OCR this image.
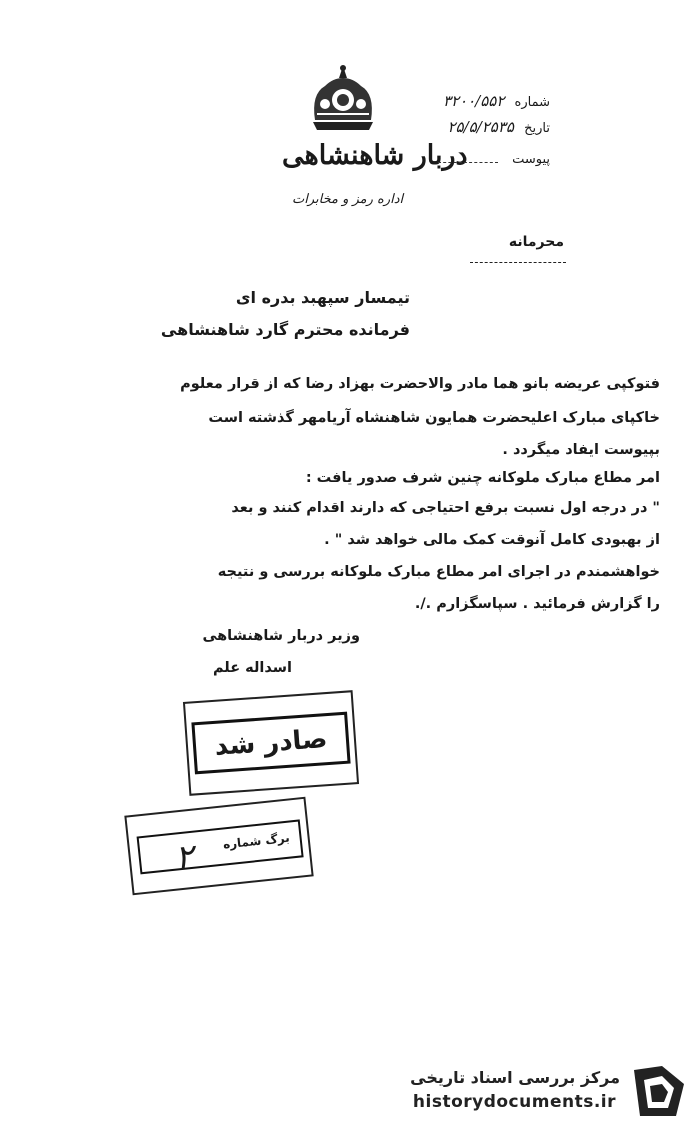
دربار شاهنشاهی
اداره رمز و مخابرات
شماره ۳۲۰۰/۵۵۲
تاریخ ۲۵/۵/۲۵۳۵
پیوست
محرمانه
تیمسار سپهبد بدره ای
فرمانده محترم گارد شاهنشاهی
فتوکپی عریضه بانو هما مادر والاحضرت بهزاد رضا که از قرار معلوم
خاکپای مبارک اعلیحضرت همایون شاهنشاه آریامهر گذشته است
بپیوست ایفاد میگردد .
امر مطاع مبارک ملوکانه چنین شرف صدور یافت :
" در درجه اول نسبت برفع احتیاجی که دارند اقدام کنند و بعد
از بهبودی کامل آنوقت کمک مالی خواهد شد " .
خواهشمندم در اجرای امر مطاع مبارک ملوکانه بررسی و نتیجه
را گزارش فرمائید . سپاسگزارم ./.
وزیر دربار شاهنشاهی
اسداله علم
صادر شد
برگ شماره
۲
مرکز بررسی اسناد تاریخی
historydocuments.ir
